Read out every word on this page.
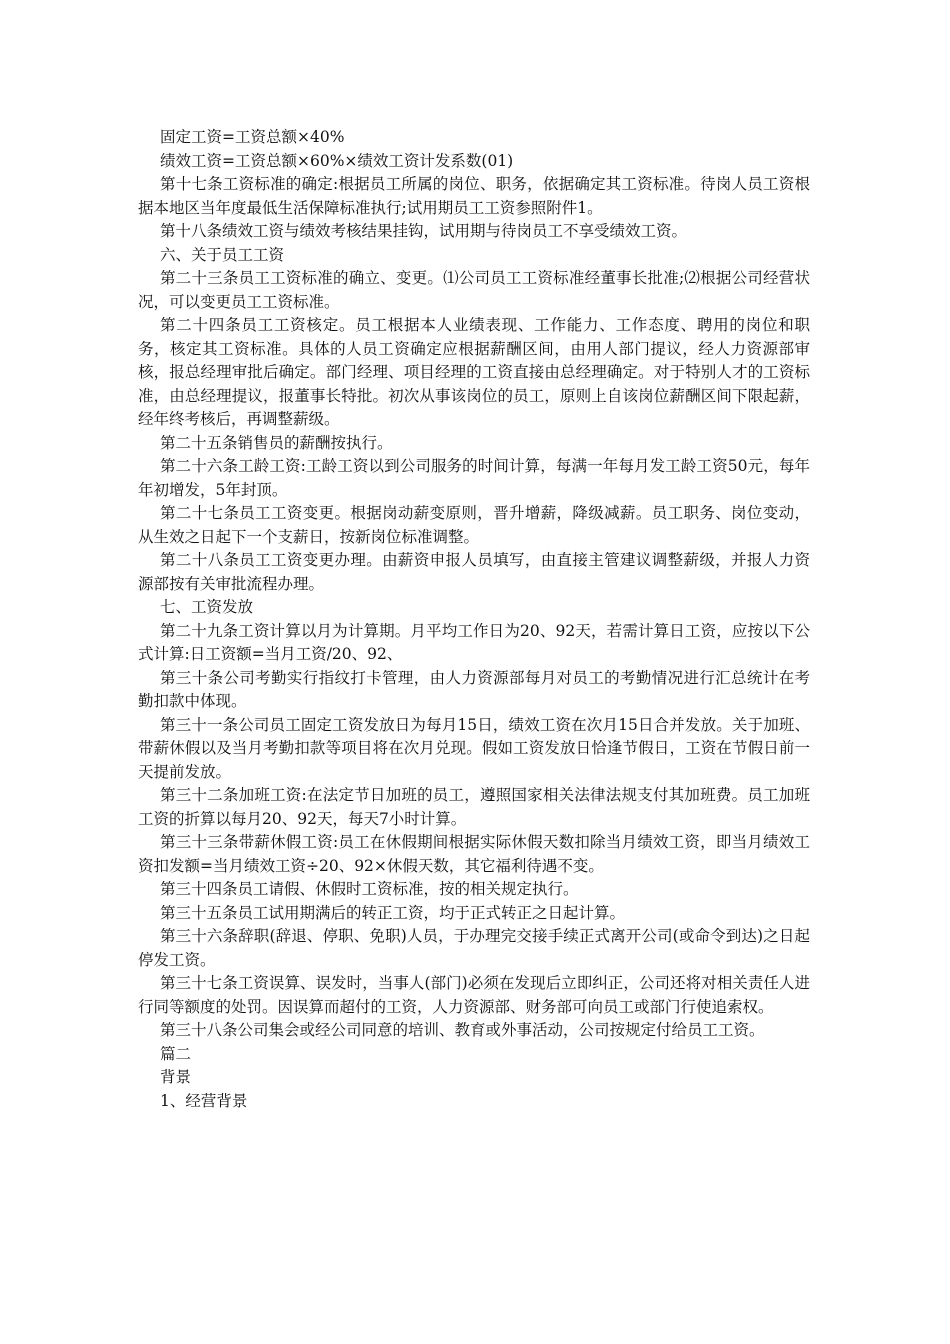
固定工资=工资总额×40%

绩效工资=工资总额×60%×绩效工资计发系数(01)

第十七条工资标准的确定:根据员工所属的岗位、职务，依据确定其工资标准。待岗人员工资根据本地区当年度最低生活保障标准执行;试用期员工工资参照附件1。

第十八条绩效工资与绩效考核结果挂钩，试用期与待岗员工不享受绩效工资。

六、关于员工工资

第二十三条员工工资标准的确立、变更。⑴公司员工工资标准经董事长批准;⑵根据公司经营状况，可以变更员工工资标准。

第二十四条员工工资核定。员工根据本人业绩表现、工作能力、工作态度、聘用的岗位和职务，核定其工资标准。具体的人员工资确定应根据薪酬区间，由用人部门提议，经人力资源部审核，报总经理审批后确定。部门经理、项目经理的工资直接由总经理确定。对于特别人才的工资标准，由总经理提议，报董事长特批。初次从事该岗位的员工，原则上自该岗位薪酬区间下限起薪，经年终考核后，再调整薪级。

第二十五条销售员的薪酬按执行。

第二十六条工龄工资:工龄工资以到公司服务的时间计算，每满一年每月发工龄工资50元，每年年初增发，5年封顶。

第二十七条员工工资变更。根据岗动薪变原则，晋升增薪，降级减薪。员工职务、岗位变动，从生效之日起下一个支薪日，按新岗位标准调整。

第二十八条员工工资变更办理。由薪资申报人员填写，由直接主管建议调整薪级，并报人力资源部按有关审批流程办理。

七、工资发放

第二十九条工资计算以月为计算期。月平均工作日为20、92天，若需计算日工资，应按以下公式计算:日工资额=当月工资/20、92、

第三十条公司考勤实行指纹打卡管理，由人力资源部每月对员工的考勤情况进行汇总统计在考勤扣款中体现。

第三十一条公司员工固定工资发放日为每月15日，绩效工资在次月15日合并发放。关于加班、带薪休假以及当月考勤扣款等项目将在次月兑现。假如工资发放日恰逢节假日，工资在节假日前一天提前发放。

第三十二条加班工资:在法定节日加班的员工，遵照国家相关法律法规支付其加班费。员工加班工资的折算以每月20、92天，每天7小时计算。

第三十三条带薪休假工资:员工在休假期间根据实际休假天数扣除当月绩效工资，即当月绩效工资扣发额=当月绩效工资÷20、92×休假天数，其它福利待遇不变。

第三十四条员工请假、休假时工资标准，按的相关规定执行。

第三十五条员工试用期满后的转正工资，均于正式转正之日起计算。

第三十六条辞职(辞退、停职、免职)人员，于办理完交接手续正式离开公司(或命令到达)之日起停发工资。

第三十七条工资误算、误发时，当事人(部门)必须在发现后立即纠正，公司还将对相关责任人进行同等额度的处罚。因误算而超付的工资，人力资源部、财务部可向员工或部门行使追索权。

第三十八条公司集会或经公司同意的培训、教育或外事活动，公司按规定付给员工工资。

篇二

背景

1、经营背景
